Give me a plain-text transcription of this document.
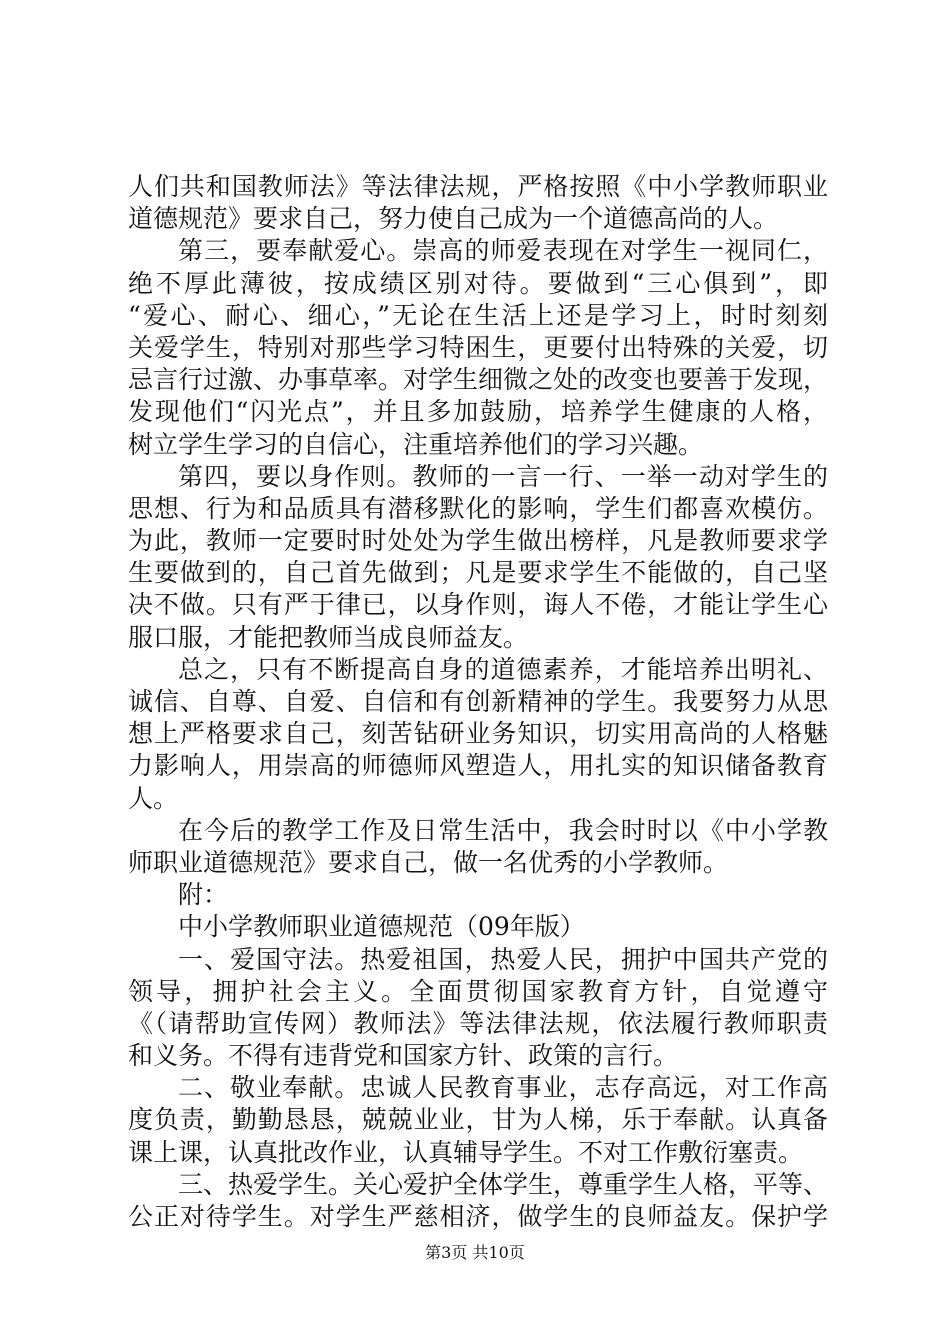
人们共和国教师法》等法律法规，严格按照《中小学教师职业
道德规范》要求自己，努力使自己成为一个道德高尚的人。
第三，要奉献爱心。崇高的师爱表现在对学生一视同仁，
绝不厚此薄彼，按成绩区别对待。要做到“三心俱到”，即
“爱心、耐心、细心，”无论在生活上还是学习上，时时刻刻
关爱学生，特别对那些学习特困生，更要付出特殊的关爱，切
忌言行过激、办事草率。对学生细微之处的改变也要善于发现，
发现他们“闪光点”，并且多加鼓励，培养学生健康的人格，
树立学生学习的自信心，注重培养他们的学习兴趣。
第四，要以身作则。教师的一言一行、一举一动对学生的
思想、行为和品质具有潜移默化的影响，学生们都喜欢模仿。
为此，教师一定要时时处处为学生做出榜样，凡是教师要求学
生要做到的，自己首先做到；凡是要求学生不能做的，自己坚
决不做。只有严于律已，以身作则，诲人不倦，才能让学生心
服口服，才能把教师当成良师益友。
总之，只有不断提高自身的道德素养，才能培养出明礼、
诚信、自尊、自爱、自信和有创新精神的学生。我要努力从思
想上严格要求自己，刻苦钻研业务知识，切实用高尚的人格魅
力影响人，用崇高的师德师风塑造人，用扎实的知识储备教育
人。
在今后的教学工作及日常生活中，我会时时以《中小学教
师职业道德规范》要求自己，做一名优秀的小学教师。
附：
中小学教师职业道德规范（09年版）
一、爱国守法。热爱祖国，热爱人民，拥护中国共产党的
领导，拥护社会主义。全面贯彻国家教育方针，自觉遵守
《（请帮助宣传网）教师法》等法律法规，依法履行教师职责
和义务。不得有违背党和国家方针、政策的言行。
二、敬业奉献。忠诚人民教育事业，志存高远，对工作高
度负责，勤勤恳恳，兢兢业业，甘为人梯，乐于奉献。认真备
课上课，认真批改作业，认真辅导学生。不对工作敷衍塞责。
三、热爱学生。关心爱护全体学生，尊重学生人格，平等、
公正对待学生。对学生严慈相济，做学生的良师益友。保护学
第3页 共10页
